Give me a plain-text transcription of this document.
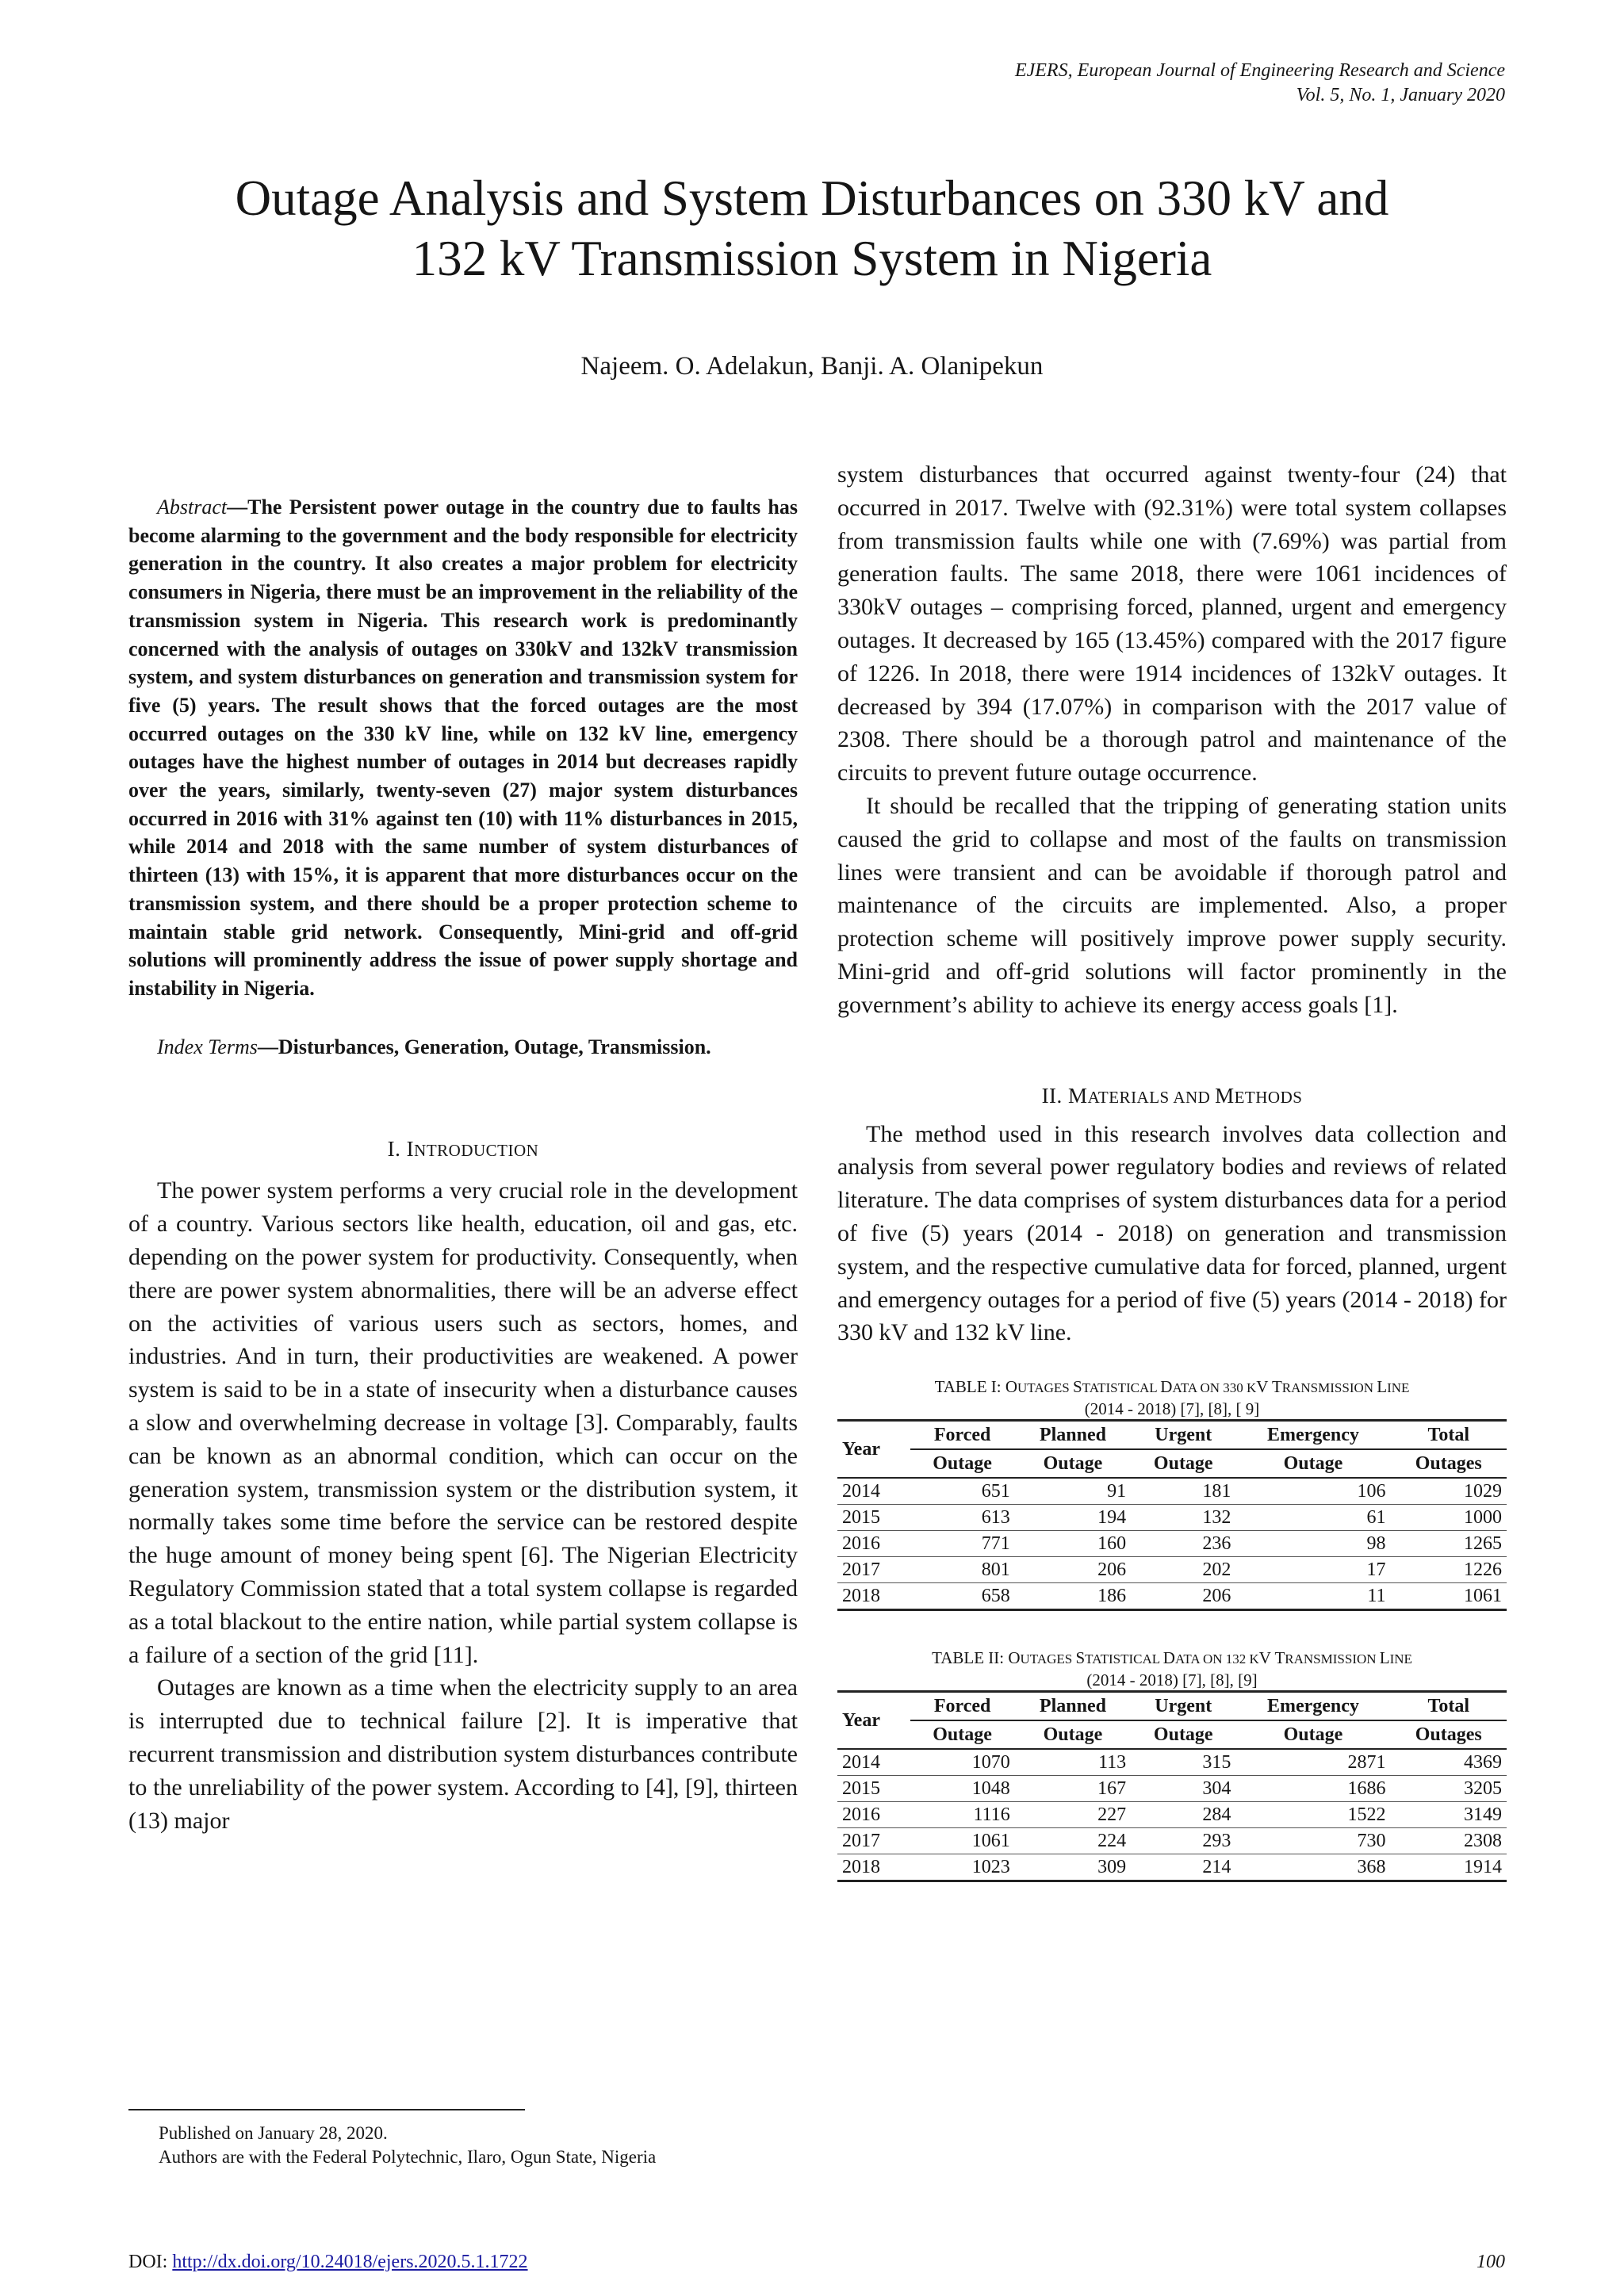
EJERS, European Journal of Engineering Research and Science
Vol. 5, No. 1, January 2020
Outage Analysis and System Disturbances on 330 kV and
132 kV Transmission System in Nigeria
Najeem. O. Adelakun, Banji. A. Olanipekun

Abstract—The Persistent power outage in the country due to faults has become alarming to the government and the body responsible for electricity generation in the country. It also creates a major problem for electricity consumers in Nigeria, there must be an improvement in the reliability of the transmission system in Nigeria. This research work is predominantly concerned with the analysis of outages on 330kV and 132kV transmission system, and system disturbances on generation and transmission system for five (5) years. The result shows that the forced outages are the most occurred outages on the 330 kV line, while on 132 kV line, emergency outages have the highest number of outages in 2014 but decreases rapidly over the years, similarly, twenty-seven (27) major system disturbances occurred in 2016 with 31% against ten (10) with 11% disturbances in 2015, while 2014 and 2018 with the same number of system disturbances of thirteen (13) with 15%, it is apparent that more disturbances occur on the transmission system, and there should be a proper protection scheme to maintain stable grid network. Consequently, Mini-grid and off-grid solutions will prominently address the issue of power supply shortage and instability in Nigeria.

Index Terms—Disturbances, Generation, Outage, Transmission.

I. INTRODUCTION

The power system performs a very crucial role in the development of a country. Various sectors like health, education, oil and gas, etc. depending on the power system for productivity. Consequently, when there are power system abnormalities, there will be an adverse effect on the activities of various users such as sectors, homes, and industries. And in turn, their productivities are weakened. A power system is said to be in a state of insecurity when a disturbance causes a slow and overwhelming decrease in voltage [3]. Comparably, faults can be known as an abnormal condition, which can occur on the generation system, transmission system or the distribution system, it normally takes some time before the service can be restored despite the huge amount of money being spent [6]. The Nigerian Electricity Regulatory Commission stated that a total system collapse is regarded as a total blackout to the entire nation, while partial system collapse is a failure of a section of the grid [11].

Outages are known as a time when the electricity supply to an area is interrupted due to technical failure [2]. It is imperative that recurrent transmission and distribution system disturbances contribute to the unreliability of the power system. According to [4], [9], thirteen (13) major

system disturbances that occurred against twenty-four (24) that occurred in 2017. Twelve with (92.31%) were total system collapses from transmission faults while one with (7.69%) was partial from generation faults. The same 2018, there were 1061 incidences of 330kV outages – comprising forced, planned, urgent and emergency outages. It decreased by 165 (13.45%) compared with the 2017 figure of 1226. In 2018, there were 1914 incidences of 132kV outages. It decreased by 394 (17.07%) in comparison with the 2017 value of 2308. There should be a thorough patrol and maintenance of the circuits to prevent future outage occurrence.

It should be recalled that the tripping of generating station units caused the grid to collapse and most of the faults on transmission lines were transient and can be avoidable if thorough patrol and maintenance of the circuits are implemented. Also, a proper protection scheme will positively improve power supply security. Mini-grid and off-grid solutions will factor prominently in the government’s ability to achieve its energy access goals [1].

II. MATERIALS AND METHODS

The method used in this research involves data collection and analysis from several power regulatory bodies and reviews of related literature. The data comprises of system disturbances data for a period of five (5) years (2014 - 2018) on generation and transmission system, and the respective cumulative data for forced, planned, urgent and emergency outages for a period of five (5) years (2014 - 2018) for 330 kV and 132 kV line.

TABLE I: OUTAGES STATISTICAL DATA ON 330 KV TRANSMISSION LINE
(2014 - 2018) [7], [8], [ 9]

Year	Forced	Planned	Urgent	Emergency	Total
	Outage	Outage	Outage	Outage	Outages
2014	651	91	181	106	1029
2015	613	194	132	61	1000
2016	771	160	236	98	1265
2017	801	206	202	17	1226
2018	658	186	206	11	1061

TABLE II: OUTAGES STATISTICAL DATA ON 132 KV TRANSMISSION LINE
(2014 - 2018) [7], [8], [9]

Year	Forced	Planned	Urgent	Emergency	Total
	Outage	Outage	Outage	Outage	Outages
2014	1070	113	315	2871	4369
2015	1048	167	304	1686	3205
2016	1116	227	284	1522	3149
2017	1061	224	293	730	2308
2018	1023	309	214	368	1914
Published on January 28, 2020.
Authors are with the Federal Polytechnic, Ilaro, Ogun State, Nigeria
DOI: http://dx.doi.org/10.24018/ejers.2020.5.1.1722	100
